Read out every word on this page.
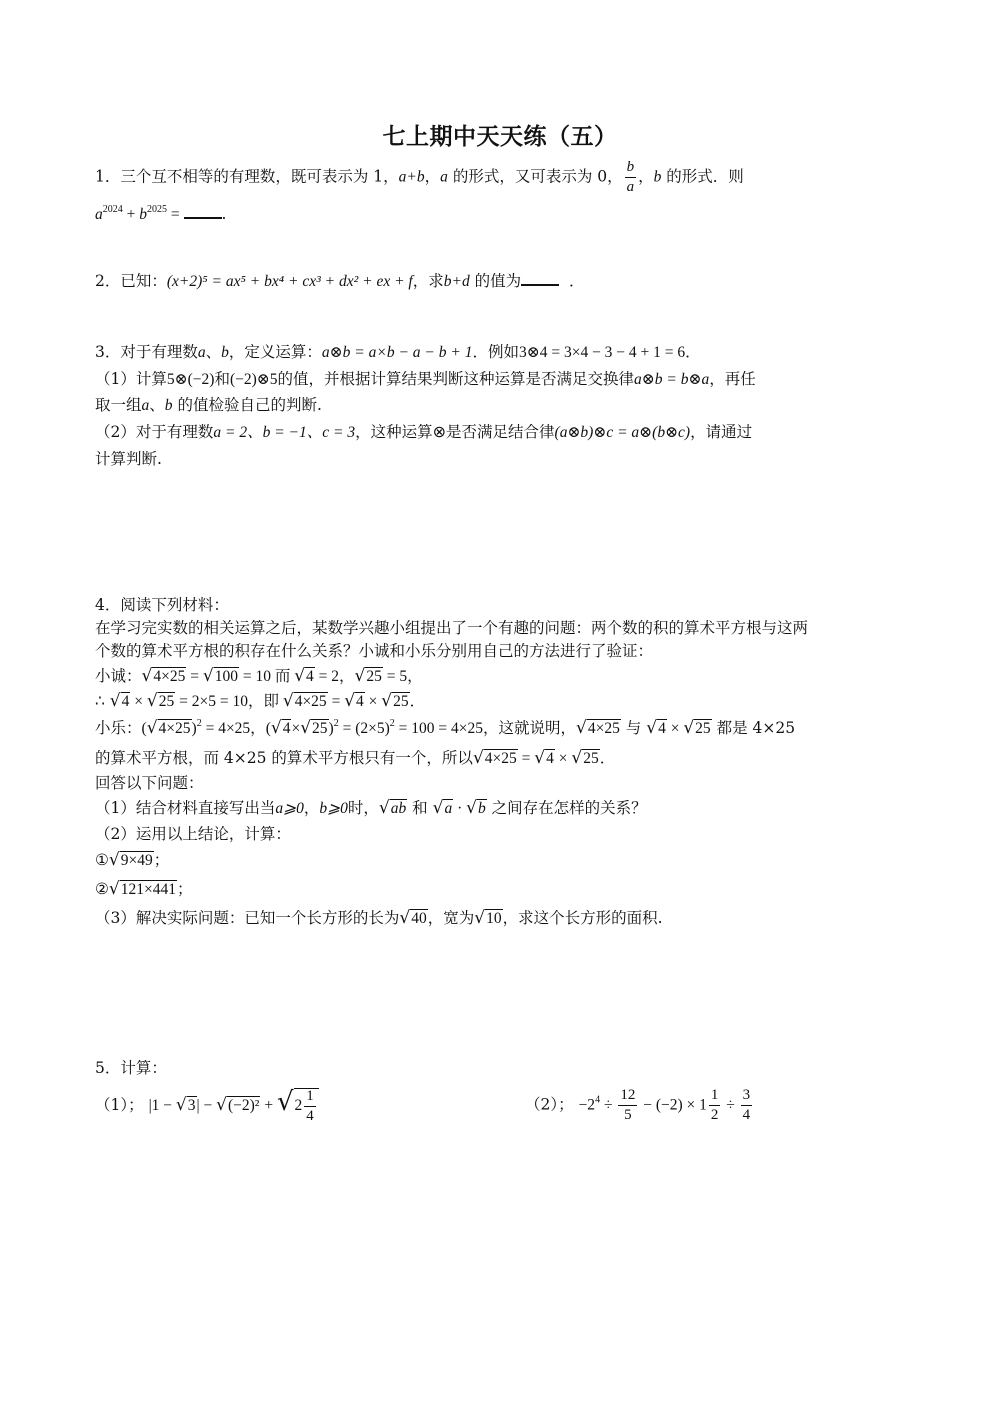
七上期中天天练（五）
1．三个互不相等的有理数，既可表示为 1，a+b，a 的形式，又可表示为 0， $\frac{b}{a}$ ，b 的形式．则
$a^{2024} + b^{2025}$ = .
2．已知：(x+2)⁵ = ax⁵ + bx⁴ + cx³ + dx² + ex + f，求b+d 的值为	．
3．对于有理数a、b，定义运算：a⊗b = a×b − a − b + 1．例如3⊗4 = 3×4 − 3 − 4 + 1 = 6．
（1）计算5⊗(−2)和(−2)⊗5的值，并根据计算结果判断这种运算是否满足交换律a⊗b = b⊗a，再任
取一组a、b 的值检验自己的判断.
（2）对于有理数a = 2、b = −1、c = 3，这种运算⊗是否满足结合律(a⊗b)⊗c = a⊗(b⊗c)，请通过
计算判断.
4．阅读下列材料：
在学习完实数的相关运算之后，某数学兴趣小组提出了一个有趣的问题：两个数的积的算术平方根与这两
个数的算术平方根的积存在什么关系？小诚和小乐分别用自己的方法进行了验证：
小诚：√4×25 = √100 = 10 而 √4 = 2，√25 = 5，
∴ √4 × √25 = 2×5 = 10，即 √4×25 = √4 × √25．
小乐：$(√4\times 25)^2 = 4\times 25$，$(√4\times√25)^2 = (2\times 5)^2 = 100 = 4\times 25$，这就说明，√4×25 与 √4 × √25 都是 4×25
的算术平方根，而 4×25 的算术平方根只有一个，所以√4×25 = √4 × √25．
回答以下问题：
（1）结合材料直接写出当a⩾0，b⩾0时，√ab 和 √a · √b 之间存在怎样的关系？
（2）运用以上结论，计算：
①√9×49；
②√121×441；
（3）解决实际问题：已知一个长方形的长为√40，宽为√10，求这个长方形的面积.
5．计算：
（1）； $|1 - √3| - √(-2)^2 + √2 \frac{1}{4}$	（2）； $-2^4 \div \frac{12}{5} - (-2) \times 1 \frac{1}{2} \div \frac{3}{4}$
